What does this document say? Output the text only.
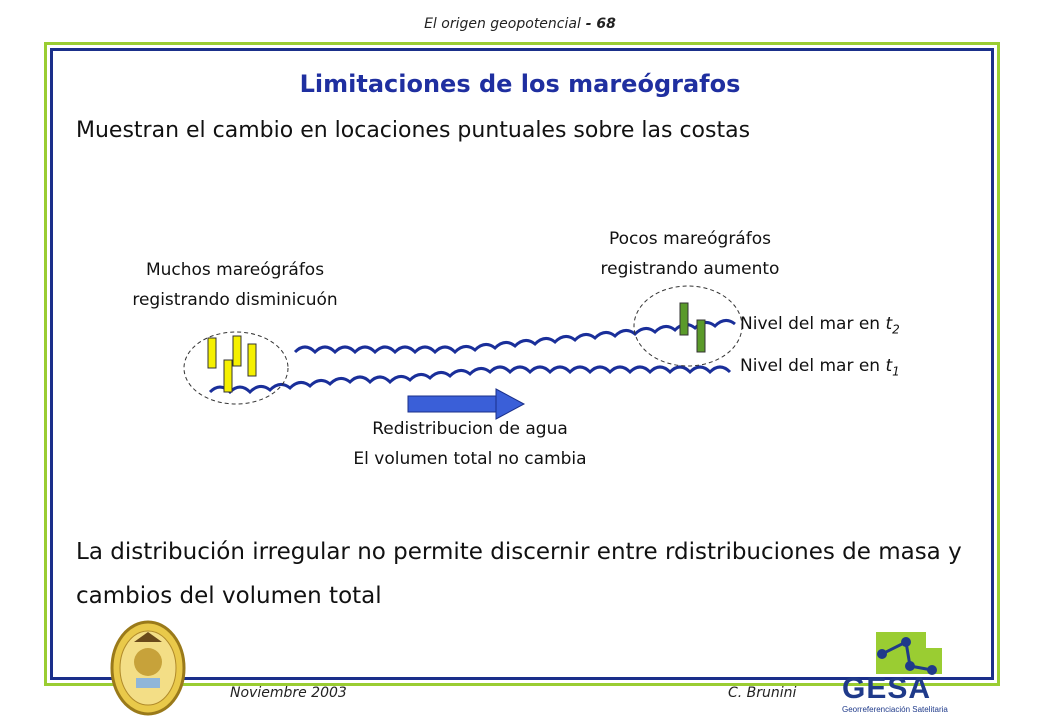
El origen geopotencial - 68
Limitaciones de los mareógrafos
Muestran el cambio en locaciones puntuales sobre las costas
Muchos mareógráfos
registrando disminicuón
Pocos mareógráfos
registrando aumento
Redistribucion de agua
El volumen total no cambia
Nivel del mar en $t_2$
Nivel del mar en $t_1$
La distribución irregular no permite discernir entre rdistribuciones de masa y cambios del volumen total
Noviembre 2003	C. Brunini GESA
Georreferenciación Satelitaria
